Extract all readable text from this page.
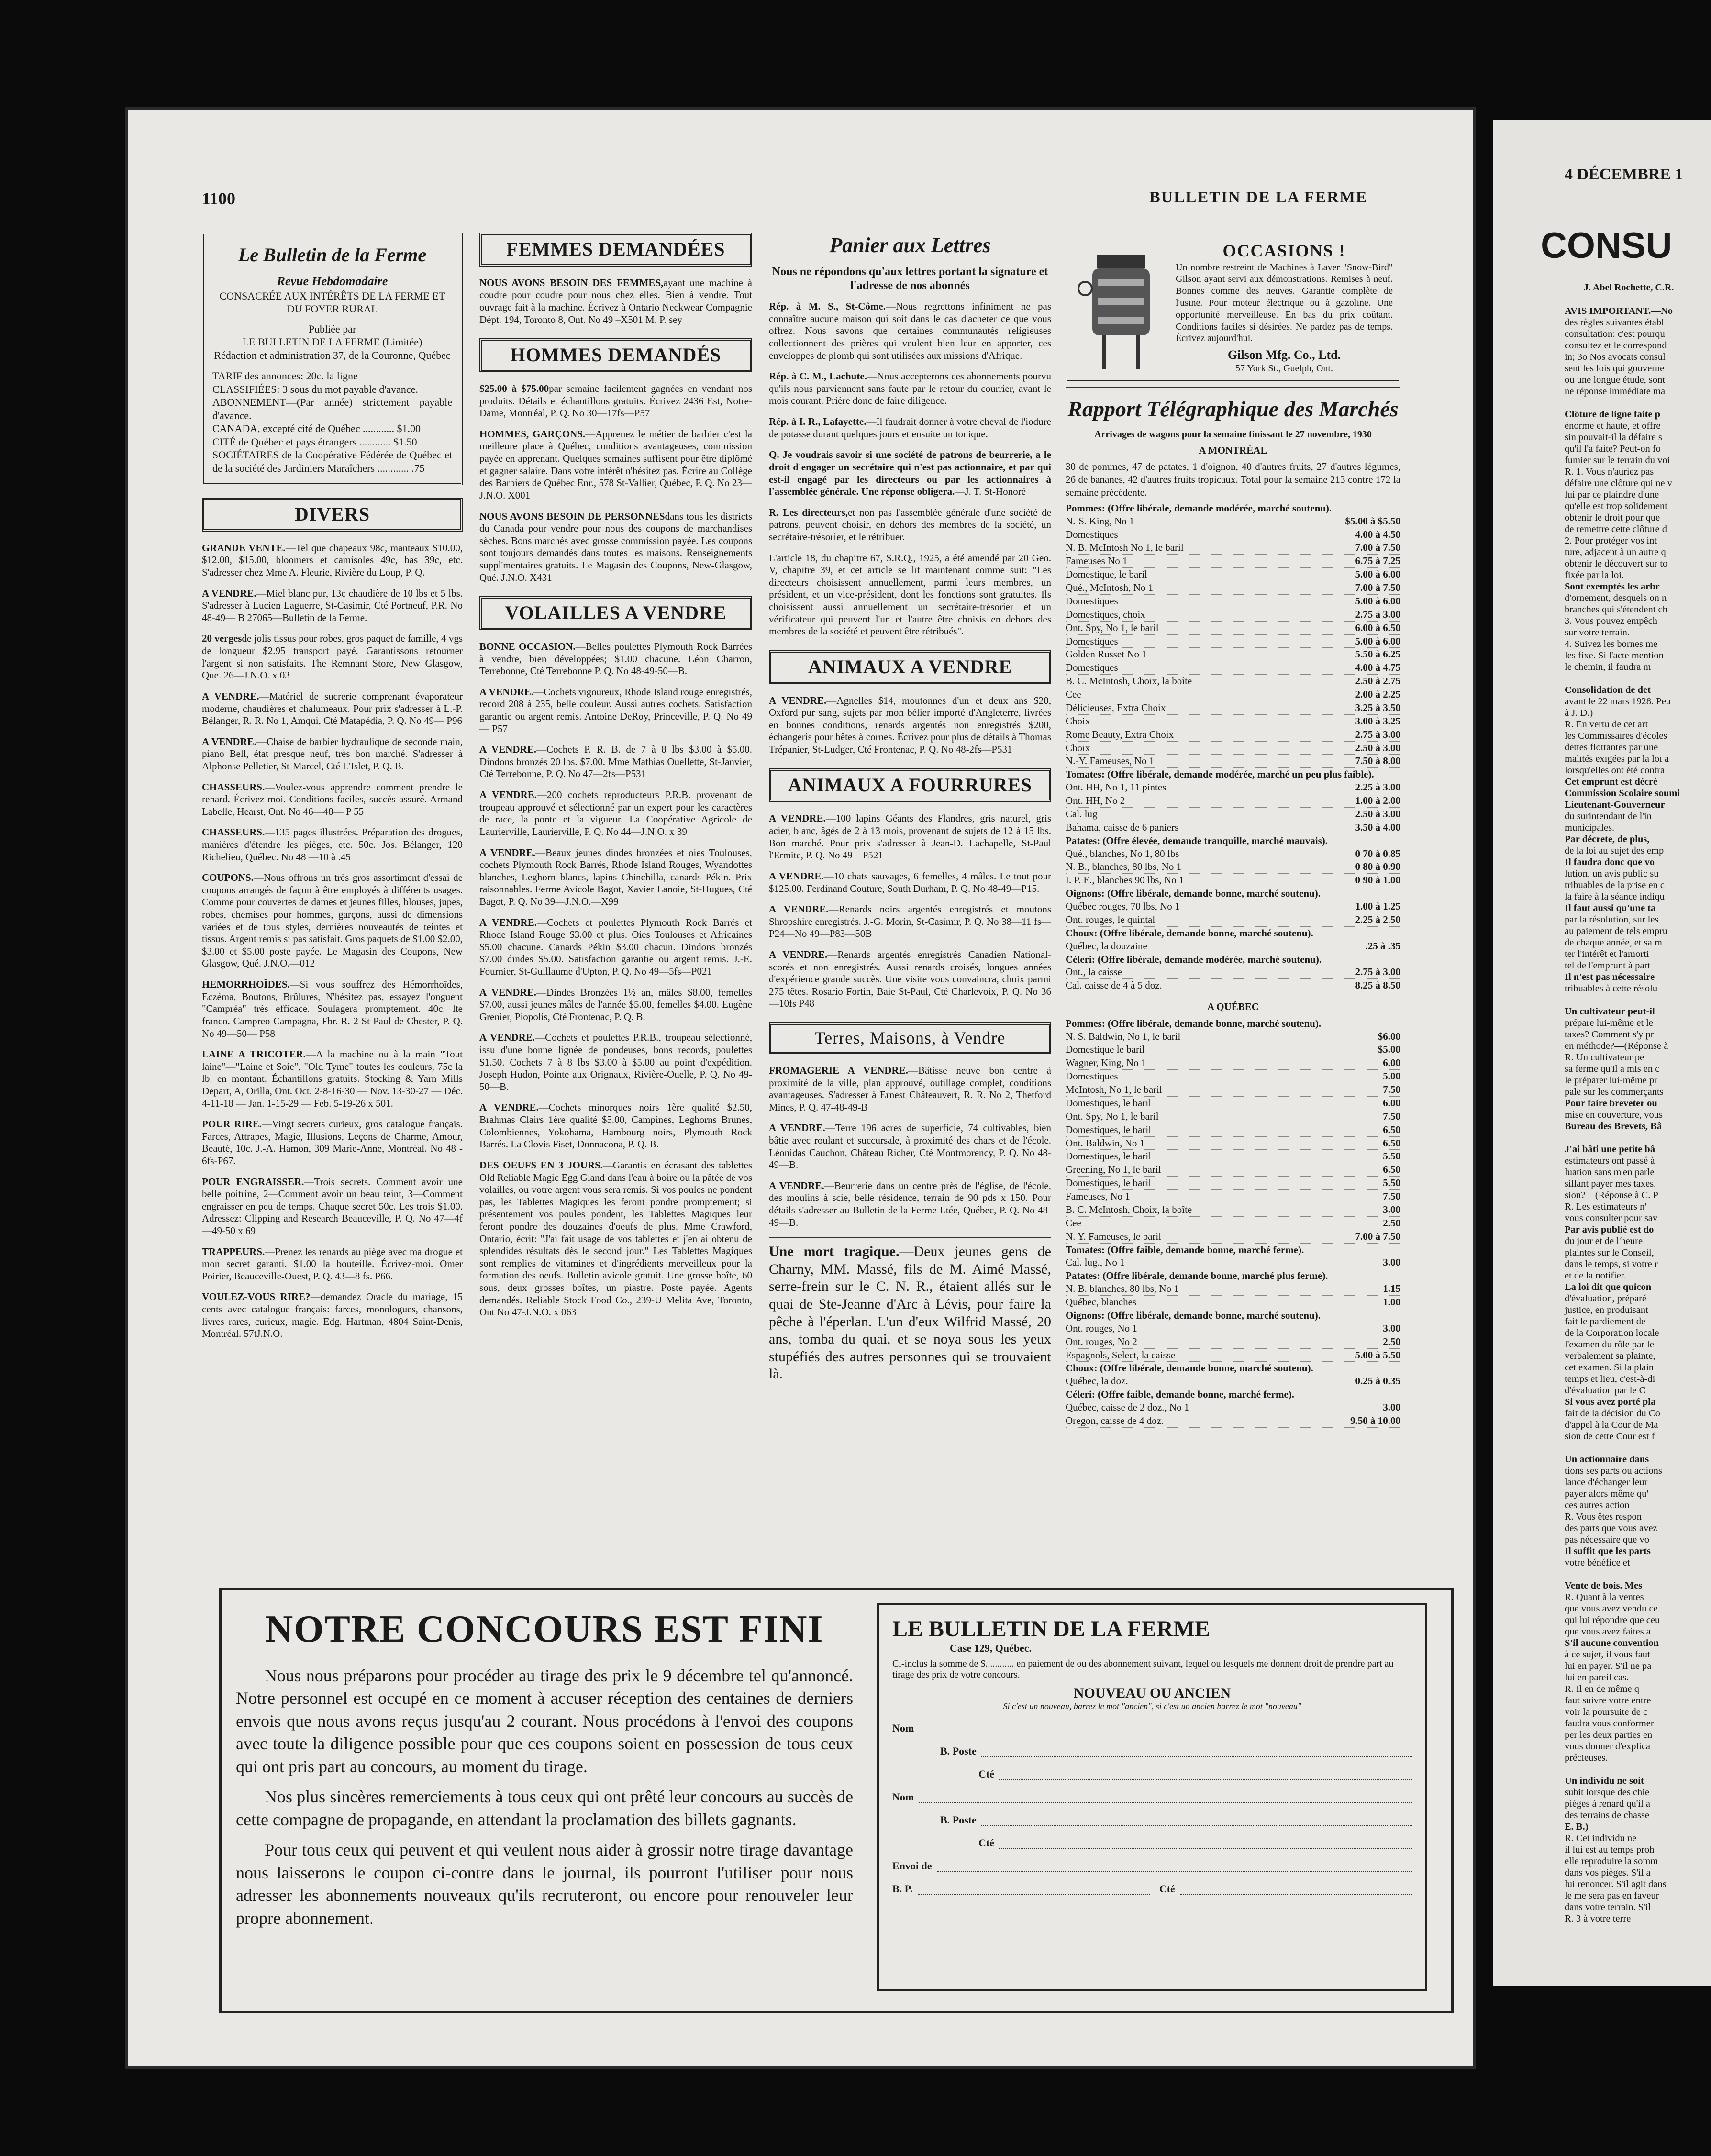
1100	BULLETIN DE LA FERME
Le Bulletin de la Ferme
Revue Hebdomadaire
CONSACRÉE AUX INTÉRÊTS DE LA FERME ET DU FOYER RURAL
Publiée par
LE BULLETIN DE LA FERME (Limitée)
Rédaction et administration 37, de la Couronne, Québec
TARIF des annonces: 20c. la ligne
CLASSIFIÉES: 3 sous du mot payable d'avance.
ABONNEMENT—(Par année) strictement payable d'avance.
CANADA, excepté cité de Québec ............ $1.00
CITÉ de Québec et pays étrangers ............ $1.50
SOCIÉTAIRES de la Coopérative Fédérée de Québec et de la société des Jardiniers Maraîchers ............ .75
DIVERS
GRANDE VENTE.—Tel que chapeaux 98c, manteaux $10.00, $12.00, $15.00, bloomers et camisoles 49c, bas 39c, etc. S'adresser chez Mme A. Fleurie, Rivière du Loup, P. Q.
A VENDRE.—Miel blanc pur, 13c chaudière de 10 lbs et 5 lbs. S'adresser à Lucien Laguerre, St-Casimir, Cté Portneuf, P.R. No 48-49— B 27065—Bulletin de la Ferme.
20 vergesde jolis tissus pour robes, gros paquet de famille, 4 vgs de longueur $2.95 transport payé. Garantissons retourner l'argent si non satisfaits. The Remnant Store, New Glasgow, Que. 26—J.N.O. x 03
A VENDRE.—Matériel de sucrerie comprenant évaporateur moderne, chaudières et chalumeaux. Pour prix s'adresser à L.-P. Bélanger, R. R. No 1, Amqui, Cté Matapédia, P. Q. No 49— P96
A VENDRE.—Chaise de barbier hydraulique de seconde main, piano Bell, état presque neuf, très bon marché. S'adresser à Alphonse Pelletier, St-Marcel, Cté L'Islet, P. Q. B.
CHASSEURS.—Voulez-vous apprendre comment prendre le renard. Écrivez-moi. Conditions faciles, succès assuré. Armand Labelle, Hearst, Ont. No 46—48— P 55
CHASSEURS.—135 pages illustrées. Préparation des drogues, manières d'étendre les pièges, etc. 50c. Jos. Bélanger, 120 Richelieu, Québec. No 48 —10 à .45
COUPONS.—Nous offrons un très gros assortiment d'essai de coupons arrangés de façon à être employés à différents usages. Comme pour couvertes de dames et jeunes filles, blouses, jupes, robes, chemises pour hommes, garçons, aussi de dimensions variées et de tous styles, dernières nouveautés de teintes et tissus. Argent remis si pas satisfait. Gros paquets de $1.00 $2.00, $3.00 et $5.00 poste payée. Le Magasin des Coupons, New Glasgow, Qué. J.N.O.—012
HEMORRHOÏDES.—Si vous souffrez des Hémorrhoïdes, Eczéma, Boutons, Brûlures, N'hésitez pas, essayez l'onguent "Campréa" très efficace. Soulagera promptement. 40c. lte franco. Campreo Campagna, Fbr. R. 2 St-Paul de Chester, P. Q. No 49—50— P58
LAINE A TRICOTER.—A la machine ou à la main "Tout laine"—"Laine et Soie", "Old Tyme" toutes les couleurs, 75c la lb. en montant. Échantillons gratuits. Stocking & Yarn Mills Depart, A, Orilla, Ont. Oct. 2-8-16-30 — Nov. 13-30-27 — Déc. 4-11-18 — Jan. 1-15-29 — Feb. 5-19-26 x 501.
POUR RIRE.—Vingt secrets curieux, gros catalogue français. Farces, Attrapes, Magie, Illusions, Leçons de Charme, Amour, Beauté, 10c. J.-A. Hamon, 309 Marie-Anne, Montréal. No 48 - 6fs-P67.
POUR ENGRAISSER.—Trois secrets. Comment avoir une belle poitrine, 2—Comment avoir un beau teint, 3—Comment engraisser en peu de temps. Chaque secret 50c. Les trois $1.00. Adressez: Clipping and Research Beauceville, P. Q. No 47—4f—49-50 x 69
TRAPPEURS.—Prenez les renards au piège avec ma drogue et mon secret garanti. $1.00 la bouteille. Écrivez-moi. Omer Poirier, Beauceville-Ouest, P. Q. 43—8 fs. P66.
VOULEZ-VOUS RIRE?—demandez Oracle du mariage, 15 cents avec catalogue français: farces, monologues, chansons, livres rares, curieux, magie. Edg. Hartman, 4804 Saint-Denis, Montréal. 57tJ.N.O.
FEMMES DEMANDÉES
NOUS AVONS BESOIN DES FEMMES,ayant une machine à coudre pour coudre pour nous chez elles. Bien à vendre. Tout ouvrage fait à la machine. Écrivez à Ontario Neckwear Compagnie Dépt. 194, Toronto 8, Ont. No 49 –X501 M. P. sey
HOMMES DEMANDÉS
$25.00 à $75.00par semaine facilement gagnées en vendant nos produits. Détails et échantillons gratuits. Écrivez 2436 Est, Notre-Dame, Montréal, P. Q. No 30—17fs—P57
HOMMES, GARÇONS.—Apprenez le métier de barbier c'est la meilleure place à Québec, conditions avantageuses, commission payée en apprenant. Quelques semaines suffisent pour être diplômé et gagner salaire. Dans votre intérêt n'hésitez pas. Écrire au Collège des Barbiers de Québec Enr., 578 St-Vallier, Québec, P. Q. No 23—J.N.O. X001
NOUS AVONS BESOIN DE PERSONNESdans tous les districts du Canada pour vendre pour nous des coupons de marchandises sèches. Bons marchés avec grosse commission payée. Les coupons sont toujours demandés dans toutes les maisons. Renseignements suppl'mentaires gratuits. Le Magasin des Coupons, New-Glasgow, Qué. J.N.O. X431
VOLAILLES A VENDRE
BONNE OCCASION.—Belles poulettes Plymouth Rock Barrées à vendre, bien développées; $1.00 chacune. Léon Charron, Terrebonne, Cté Terrebonne P. Q. No 48-49-50—B.
A VENDRE.—Cochets vigoureux, Rhode Island rouge enregistrés, record 208 à 235, belle couleur. Aussi autres cochets. Satisfaction garantie ou argent remis. Antoine DeRoy, Princeville, P. Q. No 49— P57
A VENDRE.—Cochets P. R. B. de 7 à 8 lbs $3.00 à $5.00. Dindons bronzés 20 lbs. $7.00. Mme Mathias Ouellette, St-Janvier, Cté Terrebonne, P. Q. No 47—2fs—P531
A VENDRE.—200 cochets reproducteurs P.R.B. provenant de troupeau approuvé et sélectionné par un expert pour les caractères de race, la ponte et la vigueur. La Coopérative Agricole de Laurierville, Laurierville, P. Q. No 44—J.N.O. x 39
A VENDRE.—Beaux jeunes dindes bronzées et oies Toulouses, cochets Plymouth Rock Barrés, Rhode Island Rouges, Wyandottes blanches, Leghorn blancs, lapins Chinchilla, canards Pékin. Prix raisonnables. Ferme Avicole Bagot, Xavier Lanoie, St-Hugues, Cté Bagot, P. Q. No 39—J.N.O.—X99
A VENDRE.—Cochets et poulettes Plymouth Rock Barrés et Rhode Island Rouge $3.00 et plus. Oies Toulouses et Africaines $5.00 chacune. Canards Pékin $3.00 chacun. Dindons bronzés $7.00 dindes $5.00. Satisfaction garantie ou argent remis. J.-E. Fournier, St-Guillaume d'Upton, P. Q. No 49—5fs—P021
A VENDRE.—Dindes Bronzées 1½ an, mâles $8.00, femelles $7.00, aussi jeunes mâles de l'année $5.00, femelles $4.00. Eugène Grenier, Piopolis, Cté Frontenac, P. Q. B.
A VENDRE.—Cochets et poulettes P.R.B., troupeau sélectionné, issu d'une bonne lignée de pondeuses, bons records, poulettes $1.50. Cochets 7 à 8 lbs $3.00 à $5.00 au point d'expédition. Joseph Hudon, Pointe aux Orignaux, Rivière-Ouelle, P. Q. No 49-50—B.
A VENDRE.—Cochets minorques noirs 1ère qualité $2.50, Brahmas Clairs 1ère qualité $5.00, Campines, Leghorns Brunes, Colombiennes, Yokohama, Hambourg noirs, Plymouth Rock Barrés. La Clovis Fiset, Donnacona, P. Q. B.
DES OEUFS EN 3 JOURS.—Garantis en écrasant des tablettes Old Reliable Magic Egg Gland dans l'eau à boire ou la pâtée de vos volailles, ou votre argent vous sera remis. Si vos poules ne pondent pas, les Tablettes Magiques les feront pondre promptement; si présentement vos poules pondent, les Tablettes Magiques leur feront pondre des douzaines d'oeufs de plus. Mme Crawford, Ontario, écrit: "J'ai fait usage de vos tablettes et j'en ai obtenu de splendides résultats dès le second jour." Les Tablettes Magiques sont remplies de vitamines et d'ingrédients merveilleux pour la formation des oeufs. Bulletin avicole gratuit. Une grosse boîte, 60 sous, deux grosses boîtes, un piastre. Poste payée. Agents demandés. Reliable Stock Food Co., 239-U Melita Ave, Toronto, Ont No 47-J.N.O. x 063
Panier aux Lettres
Nous ne répondons qu'aux lettres portant la signature et l'adresse de nos abonnés
Rép. à M. S., St-Côme.—Nous regrettons infiniment ne pas connaître aucune maison qui soit dans le cas d'acheter ce que vous offrez. Nous savons que certaines communautés religieuses collectionnent des prières qui veulent bien leur en apporter, ces enveloppes de plomb qui sont utilisées aux missions d'Afrique.
Rép. à C. M., Lachute.—Nous accepterons ces abonnements pourvu qu'ils nous parviennent sans faute par le retour du courrier, avant le mois courant. Prière donc de faire diligence.
Rép. à I. R., Lafayette.—Il faudrait donner à votre cheval de l'iodure de potasse durant quelques jours et ensuite un tonique.
Q. Je voudrais savoir si une société de patrons de beurrerie, a le droit d'engager un secrétaire qui n'est pas actionnaire, et par qui est-il engagé par les directeurs ou par les actionnaires à l'assemblée générale. Une réponse obligera.—J. T. St-Honoré
R. Les directeurs,et non pas l'assemblée générale d'une société de patrons, peuvent choisir, en dehors des membres de la société, un secrétaire-trésorier, et le rétribuer.
L'article 18, du chapitre 67, S.R.Q., 1925, a été amendé par 20 Geo. V, chapitre 39, et cet article se lit maintenant comme suit: "Les directeurs choisissent annuellement, parmi leurs membres, un président, et un vice-président, dont les fonctions sont gratuites. Ils choisissent aussi annuellement un secrétaire-trésorier et un vérificateur qui peuvent l'un et l'autre être choisis en dehors des membres de la société et peuvent être rétribués".
ANIMAUX A VENDRE
A VENDRE.—Agnelles $14, moutonnes d'un et deux ans $20, Oxford pur sang, sujets par mon bélier importé d'Angleterre, livrées en bonnes conditions, renards argentés non enregistrés $200, échangeris pour bêtes à cornes. Écrivez pour plus de détails à Thomas Trépanier, St-Ludger, Cté Frontenac, P. Q. No 48-2fs—P531
ANIMAUX A FOURRURES
A VENDRE.—100 lapins Géants des Flandres, gris naturel, gris acier, blanc, âgés de 2 à 13 mois, provenant de sujets de 12 à 15 lbs. Bon marché. Pour prix s'adresser à Jean-D. Lachapelle, St-Paul l'Ermite, P. Q. No 49—P521
A VENDRE.—10 chats sauvages, 6 femelles, 4 mâles. Le tout pour $125.00. Ferdinand Couture, South Durham, P. Q. No 48-49—P15.
A VENDRE.—Renards noirs argentés enregistrés et moutons Shropshire enregistrés. J.-G. Morin, St-Casimir, P. Q. No 38—11 fs—P24—No 49—P83—50B
A VENDRE.—Renards argentés enregistrés Canadien National-scorés et non enregistrés. Aussi renards croisés, longues années d'expérience grande succès. Une visite vous convaincra, choix parmi 275 têtes. Rosario Fortin, Baie St-Paul, Cté Charlevoix, P. Q. No 36—10fs P48
Terres, Maisons, à Vendre
FROMAGERIE A VENDRE.—Bâtisse neuve bon centre à proximité de la ville, plan approuvé, outillage complet, conditions avantageuses. S'adresser à Ernest Châteauvert, R. R. No 2, Thetford Mines, P. Q. 47-48-49-B
A VENDRE.—Terre 196 acres de superficie, 74 cultivables, bien bâtie avec roulant et succursale, à proximité des chars et de l'école. Léonidas Cauchon, Château Richer, Cté Montmorency, P. Q. No 48-49—B.
A VENDRE.—Beurrerie dans un centre près de l'église, de l'école, des moulins à scie, belle résidence, terrain de 90 pds x 150. Pour détails s'adresser au Bulletin de la Ferme Ltée, Québec, P. Q. No 48-49—B.
Une mort tragique.—Deux jeunes gens de Charny, MM. Massé, fils de M. Aimé Massé, serre-frein sur le C. N. R., étaient allés sur le quai de Ste-Jeanne d'Arc à Lévis, pour faire la pêche à l'éperlan. L'un d'eux Wilfrid Massé, 20 ans, tomba du quai, et se noya sous les yeux stupéfiés des autres personnes qui se trouvaient là.
OCCASIONS !
Un nombre restreint de Machines à Laver "Snow-Bird" Gilson ayant servi aux démonstrations. Remises à neuf. Bonnes comme des neuves. Garantie complète de l'usine. Pour moteur électrique ou à gazoline. Une opportunité merveilleuse. En bas du prix coûtant. Conditions faciles si désirées. Ne pardez pas de temps. Écrivez aujourd'hui.
Gilson Mfg. Co., Ltd.
57 York St., Guelph, Ont.
Rapport Télégraphique des Marchés
Arrivages de wagons pour la semaine finissant le 27 novembre, 1930
A MONTRÉAL
30 de pommes, 47 de patates, 1 d'oignon, 40 d'autres fruits, 27 d'autres légumes, 26 de bananes, 42 d'autres fruits tropicaux. Total pour la semaine 213 contre 172 la semaine précédente.
Pommes: (Offre libérale, demande modérée, marché soutenu).
N.-S. King, No 1	$5.00 à $5.50
Domestiques	4.00 à 4.50
N. B. McIntosh No 1, le baril	7.00 à 7.50
Fameuses No 1	6.75 à 7.25
Domestique, le baril	5.00 à 6.00
Qué., McIntosh, No 1	7.00 à 7.50
Domestiques	5.00 à 6.00
Domestiques, choix	2.75 à 3.00
Ont. Spy, No 1, le baril	6.00 à 6.50
Domestiques	5.00 à 6.00
Golden Russet No 1	5.50 à 6.25
Domestiques	4.00 à 4.75
B. C. McIntosh, Choix, la boîte	2.50 à 2.75
Cee	2.00 à 2.25
Délicieuses, Extra Choix	3.25 à 3.50
Choix	3.00 à 3.25
Rome Beauty, Extra Choix	2.75 à 3.00
Choix	2.50 à 3.00
N.-Y. Fameuses, No 1	7.50 à 8.00
Tomates: (Offre libérale, demande modérée, marché un peu plus faible).
Ont. HH, No 1, 11 pintes	2.25 à 3.00
Ont. HH, No 2	1.00 à 2.00
Cal. lug	2.50 à 3.00
Bahama, caisse de 6 paniers	3.50 à 4.00
Patates: (Offre élevée, demande tranquille, marché mauvais).
Qué., blanches, No 1, 80 lbs	0 70 à 0.85
N. B., blanches, 80 lbs, No 1	0 80 à 0.90
I. P. E., blanches 90 lbs, No 1	0 90 à 1.00
Oignons: (Offre libérale, demande bonne, marché soutenu).
Québec rouges, 70 lbs, No 1	1.00 à 1.25
Ont. rouges, le quintal	2.25 à 2.50
Choux: (Offre libérale, demande bonne, marché soutenu).
Québec, la douzaine	.25 à .35
Céleri: (Offre libérale, demande modérée, marché soutenu).
Ont., la caisse	2.75 à 3.00
Cal. caisse de 4 à 5 doz.	8.25 à 8.50
A QUÉBEC
Pommes: (Offre libérale, demande bonne, marché soutenu).
N. S. Baldwin, No 1, le baril	$6.00
Domestique le baril	$5.00
Wagner, King, No 1	6.00
Domestiques	5.00
McIntosh, No 1, le baril	7.50
Domestiques, le baril	6.00
Ont. Spy, No 1, le baril	7.50
Domestiques, le baril	6.50
Ont. Baldwin, No 1	6.50
Domestiques, le baril	5.50
Greening, No 1, le baril	6.50
Domestiques, le baril	5.50
Fameuses, No 1	7.50
B. C. McIntosh, Choix, la boîte	3.00
Cee	2.50
N. Y. Fameuses, le baril	7.00 à 7.50
Tomates: (Offre faible, demande bonne, marché ferme).
Cal. lug., No 1	3.00
Patates: (Offre libérale, demande bonne, marché plus ferme).
N. B. blanches, 80 lbs, No 1	1.15
Québec, blanches	1.00
Oignons: (Offre libérale, demande bonne, marché soutenu).
Ont. rouges, No 1	3.00
Ont. rouges, No 2	2.50
Espagnols, Select, la caisse	5.00 à 5.50
Choux: (Offre libérale, demande bonne, marché soutenu).
Québec, la doz.	0.25 à 0.35
Céleri: (Offre faible, demande bonne, marché ferme).
Québec, caisse de 2 doz., No 1	3.00
Oregon, caisse de 4 doz.	9.50 à 10.00
NOTRE CONCOURS EST FINI

Nous nous préparons pour procéder au tirage des prix le 9 décembre tel qu'annoncé. Notre personnel est occupé en ce moment à accuser réception des centaines de derniers envois que nous avons reçus jusqu'au 2 courant. Nous procédons à l'envoi des coupons avec toute la diligence possible pour que ces coupons soient en possession de tous ceux qui ont pris part au concours, au moment du tirage.

Nos plus sincères remerciements à tous ceux qui ont prêté leur concours au succès de cette compagne de propagande, en attendant la proclamation des billets gagnants.

Pour tous ceux qui peuvent et qui veulent nous aider à grossir notre tirage davantage nous laisserons le coupon ci-contre dans le journal, ils pourront l'utiliser pour nous adresser les abonnements nouveaux qu'ils recruteront, ou encore pour renouveler leur propre abonnement.

LE BULLETIN DE LA FERME
Case 129, Québec.
Ci-inclus la somme de $............ en paiement de ou des abonnement suivant, lequel ou lesquels me donnent droit de prendre part au tirage des prix de votre concours.
NOUVEAU OU ANCIEN
Si c'est un nouveau, barrez le mot "ancien", si c'est un ancien barrez le mot "nouveau"
Nom
B. Poste
Cté
Nom
B. Poste
Cté
Envoi de
B. P.	Cté
4 DÉCEMBRE 1
CONSU
J. Abel Rochette, C.R.
AVIS IMPORTANT.—No
des règles suivantes établ
consultation: c'est pourqu
consultez et le correspond
in; 3o Nos avocats consul
sent les lois qui gouverne
ou une longue étude, sont
ne réponse immédiate ma

Clôture de ligne faite p
énorme et haute, et offre
sin pouvait-il la défaire s
qu'il l'a faite? Peut-on fo
fumier sur le terrain du voi
R. 1. Vous n'auriez pas
défaire une clôture qui ne v
lui par ce plaindre d'une
qu'elle est trop solidement
obtenir le droit pour que
de remettre cette clôture d
2. Pour protéger vos int
ture, adjacent à un autre q
obtenir le découvert sur to
fixée par la loi.
Sont exemptés les arbr
d'ornement, desquels on n
branches qui s'étendent ch
3. Vous pouvez empêch
sur votre terrain.
4. Suivez les bornes me
les fixe. Si l'acte mention
le chemin, il faudra m

Consolidation de det
avant le 22 mars 1928. Peu
à J. D.)
R. En vertu de cet art
les Commissaires d'écoles
dettes flottantes par une
malités exigées par la loi a
lorsqu'elles ont été contra
Cet emprunt est décré
Commission Scolaire soumi
Lieutenant-Gouverneur
du surintendant de l'in
municipales.
Par décrete, de plus,
de la loi au sujet des emp
Il faudra donc que vo
lution, un avis public su
tribuables de la prise en c
la faire à la séance indiqu
Il faut aussi qu'une ta
par la résolution, sur les
au paiement de tels empru
de chaque année, et sa m
ter l'intérêt et l'amorti
tel de l'emprunt à part
Il n'est pas nécessaire
tribuables à cette résolu

Un cultivateur peut-il
prépare lui-même et le
taxes? Comment s'y pr
en méthode?—(Réponse à
R. Un cultivateur pe
sa ferme qu'il a mis en c
le préparer lui-même pr
pale sur les commerçants
Pour faire breveter ou
mise en couverture, vous
Bureau des Brevets, Bâ

J'ai bâti une petite bâ
estimateurs ont passé à
luation sans m'en parle
sillant payer mes taxes,
sion?—(Réponse à C. P
R. Les estimateurs n'
vous consulter pour sav
Par avis publié est do
du jour et de l'heure
plaintes sur le Conseil,
dans le temps, si votre r
et de la notifier.
La loi dit que quicon
d'évaluation, préparé
justice, en produisant
fait le pardiement de
de la Corporation locale
l'examen du rôle par le
verbalement sa plainte,
cet examen. Si la plain
temps et lieu, c'est-à-di
d'évaluation par le C
Si vous avez porté pla
fait de la décision du Co
d'appel à la Cour de Ma
sion de cette Cour est f

Un actionnaire dans
tions ses parts ou actions
lance d'échanger leur
payer alors même qu'
ces autres action
R. Vous êtes respon
des parts que vous avez
pas nécessaire que vo
Il suffit que les parts
votre bénéfice et

Vente de bois. Mes
R. Quant à la ventes
que vous avez vendu ce
qui lui répondre que ceu
que vous avez faites a
S'il aucune convention
à ce sujet, il vous faut
lui en payer. S'il ne pa
lui en pareil cas.
R. Il en de même q
faut suivre votre entre
voir la poursuite de c
faudra vous conformer
per les deux parties en
vous donner d'explica
précieuses.

Un individu ne soit
subit lorsque des chie
pièges à renard qu'il a
des terrains de chasse
E. B.)
R. Cet individu ne
il lui est au temps proh
elle reproduire la somm
dans vos pièges. S'il a
lui renoncer. S'il agit dans
le me sera pas en faveur
dans votre terrain. S'il
R. 3 à votre terre
